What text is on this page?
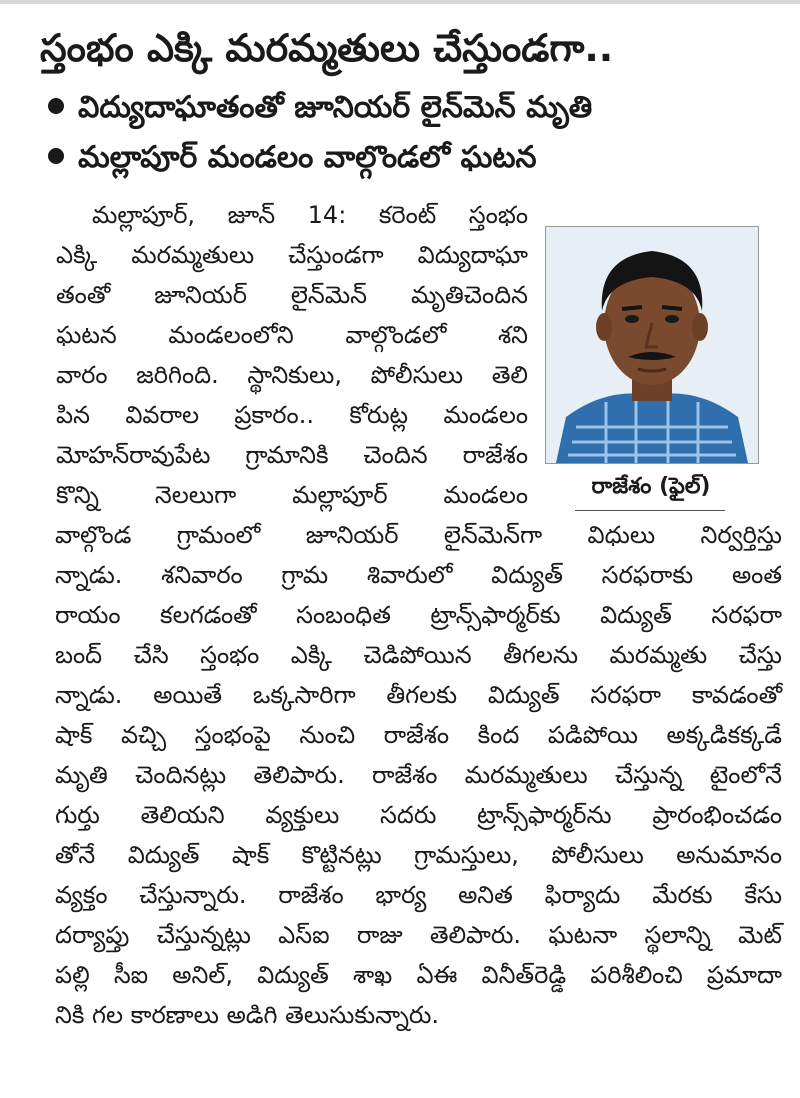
స్తంభం ఎక్కి మరమ్మతులు చేస్తుండగా..
విద్యుదాఘాతంతో జూనియర్ లైన్‌మెన్ మృతి
మల్లాపూర్ మండలం వాల్గొండలో ఘటన
మల్లాపూర్, జూన్ 14: కరెంట్ స్తంభం
ఎక్కి మరమ్మతులు చేస్తుండగా విద్యుదాఘా
తంతో జూనియర్ లైన్‌మెన్ మృతిచెందిన
ఘటన మండలంలోని వాల్గొండలో శని
వారం జరిగింది. స్థానికులు, పోలీసులు తెలి
పిన వివరాల ప్రకారం.. కోరుట్ల మండలం
మోహన్‌రావుపేట గ్రామానికి చెందిన రాజేశం
కొన్ని నెలలుగా మల్లాపూర్ మండలం
వాల్గొండ గ్రామంలో జూనియర్ లైన్‌మెన్‌గా విధులు నిర్వర్తిస్తు
న్నాడు. శనివారం గ్రామ శివారులో విద్యుత్ సరఫరాకు అంత
రాయం కలగడంతో సంబంధిత ట్రాన్స్‌ఫార్మర్‌కు విద్యుత్ సరఫరా
బంద్ చేసి స్తంభం ఎక్కి చెడిపోయిన తీగలను మరమ్మతు చేస్తు
న్నాడు. అయితే ఒక్కసారిగా తీగలకు విద్యుత్ సరఫరా కావడంతో
షాక్ వచ్చి స్తంభంపై నుంచి రాజేశం కింద పడిపోయి అక్కడికక్కడే
మృతి చెందినట్లు తెలిపారు. రాజేశం మరమ్మతులు చేస్తున్న టైంలోనే
గుర్తు తెలియని వ్యక్తులు సదరు ట్రాన్స్‌ఫార్మర్‌ను ప్రారంభించడం
తోనే విద్యుత్ షాక్ కొట్టినట్లు గ్రామస్తులు, పోలీసులు అనుమానం
వ్యక్తం చేస్తున్నారు. రాజేశం భార్య అనిత ఫిర్యాదు మేరకు కేసు
దర్యాప్తు చేస్తున్నట్లు ఎస్ఐ రాజు తెలిపారు. ఘటనా స్థలాన్ని మెట్
పల్లి సీఐ అనిల్, విద్యుత్ శాఖ ఏఈ వినీత్‌రెడ్డి పరిశీలించి ప్రమాదా
నికి గల కారణాలు అడిగి తెలుసుకున్నారు.
రాజేశం (ఫైల్)
